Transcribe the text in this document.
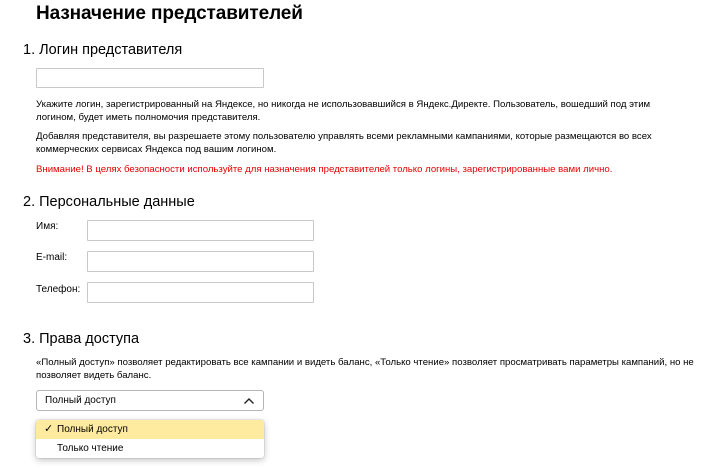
Назначение представителей
1. Логин представителя
Укажите логин, зарегистрированный на Яндексе, но никогда не использовавшийся в Яндекс.Директе. Пользователь, вошедший под этим
логином, будет иметь полномочия представителя.
Добавляя представителя, вы разрешаете этому пользователю управлять всеми рекламными кампаниями, которые размещаются во всех
коммерческих сервисах Яндекса под вашим логином.
Внимание! В целях безопасности используйте для назначения представителей только логины, зарегистрированные вами лично.
2. Персональные данные
Имя:
E-mail:
Телефон:
3. Права доступа
«Полный доступ» позволяет редактировать все кампании и видеть баланс, «Только чтение» позволяет просматривать параметры кампаний, но не
позволяет видеть баланс.
Полный доступ
✓ Полный доступ
Только чтение
